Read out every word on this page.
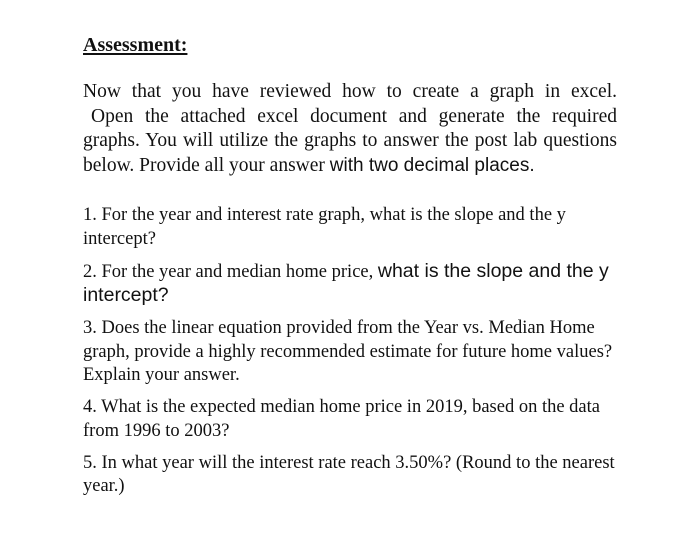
Assessment:

Now that you have reviewed how to create a graph in excel.
Open the attached excel document and generate the required graphs. You will utilize the graphs to answer the post lab questions below. Provide all your answer with two decimal places.

1. For the year and interest rate graph, what is the slope and the y intercept?
2. For the year and median home price, what is the slope and the y intercept?
3. Does the linear equation provided from the Year vs. Median Home graph, provide a highly recommended estimate for future home values? Explain your answer.
4. What is the expected median home price in 2019, based on the data from 1996 to 2003?
5. In what year will the interest rate reach 3.50%? (Round to the nearest year.)
